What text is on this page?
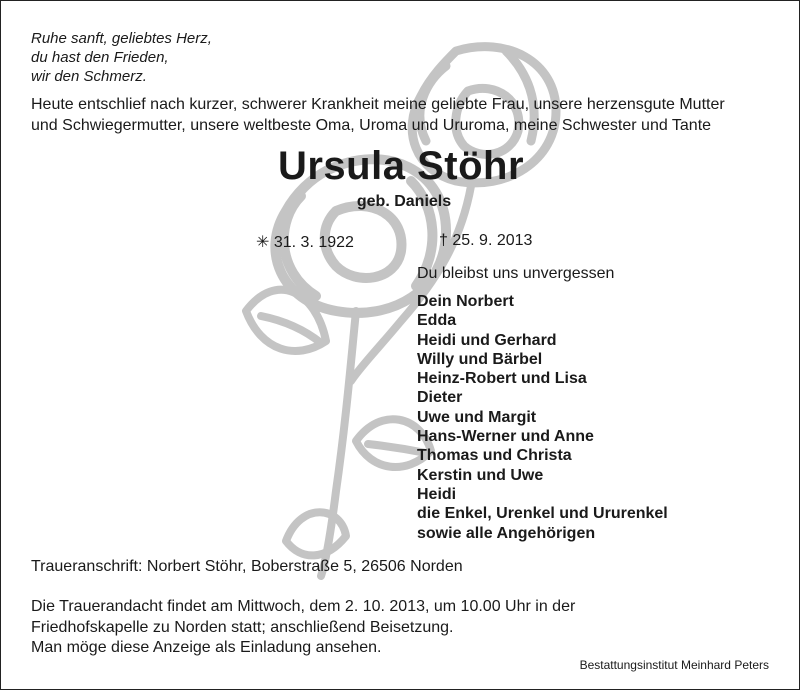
Ruhe sanft, geliebtes Herz,
du hast den Frieden,
wir den Schmerz.
Heute entschlief nach kurzer, schwerer Krankheit meine geliebte Frau, unsere herzensgute Mutter
und Schwiegermutter, unsere weltbeste Oma, Uroma und Ururoma, meine Schwester und Tante
Ursula Stöhr
geb. Daniels
✳ 31. 3. 1922	† 25. 9. 2013
Du bleibst uns unvergessen
Dein Norbert
Edda
Heidi und Gerhard
Willy und Bärbel
Heinz-Robert und Lisa
Dieter
Uwe und Margit
Hans-Werner und Anne
Thomas und Christa
Kerstin und Uwe
Heidi
die Enkel, Urenkel und Ururenkel
sowie alle Angehörigen
Traueranschrift: Norbert Stöhr, Boberstraße 5, 26506 Norden
Die Trauerandacht findet am Mittwoch, dem 2. 10. 2013, um 10.00 Uhr in der
Friedhofskapelle zu Norden statt; anschließend Beisetzung.
Man möge diese Anzeige als Einladung ansehen.
Bestattungsinstitut Meinhard Peters
